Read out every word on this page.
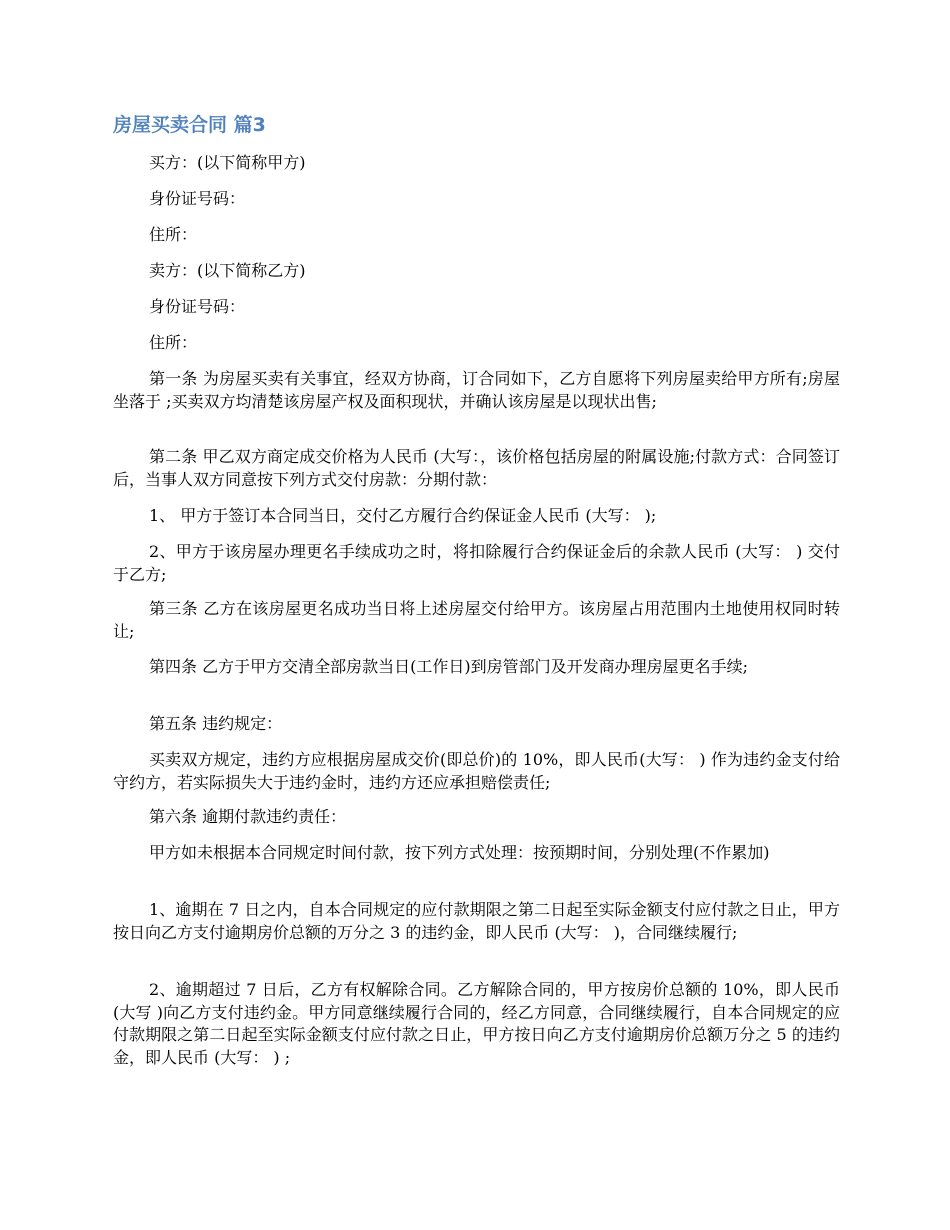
房屋买卖合同 篇3

买方：(以下简称甲方)

身份证号码：

住所：

卖方：(以下简称乙方)

身份证号码：

住所：

第一条 为房屋买卖有关事宜，经双方协商，订合同如下，乙方自愿将下列房屋卖给甲方所有;房屋坐落于 ;买卖双方均清楚该房屋产权及面积现状，并确认该房屋是以现状出售;

第二条 甲乙双方商定成交价格为人民币 (大写：，该价格包括房屋的附属设施;付款方式：合同签订后，当事人双方同意按下列方式交付房款：分期付款：

1、 甲方于签订本合同当日，交付乙方履行合约保证金人民币 (大写： );

2、甲方于该房屋办理更名手续成功之时，将扣除履行合约保证金后的余款人民币 (大写： ) 交付于乙方;

第三条 乙方在该房屋更名成功当日将上述房屋交付给甲方。该房屋占用范围内土地使用权同时转让;

第四条 乙方于甲方交清全部房款当日(工作日)到房管部门及开发商办理房屋更名手续;

第五条 违约规定：

买卖双方规定，违约方应根据房屋成交价(即总价)的 10%，即人民币(大写： ) 作为违约金支付给守约方，若实际损失大于违约金时，违约方还应承担赔偿责任;

第六条 逾期付款违约责任：

甲方如未根据本合同规定时间付款，按下列方式处理：按预期时间，分别处理(不作累加)

1、逾期在 7 日之内，自本合同规定的应付款期限之第二日起至实际金额支付应付款之日止，甲方按日向乙方支付逾期房价总额的万分之 3 的违约金，即人民币 (大写： )，合同继续履行;

2、逾期超过 7 日后，乙方有权解除合同。乙方解除合同的，甲方按房价总额的 10%，即人民币 (大写 )向乙方支付违约金。甲方同意继续履行合同的，经乙方同意，合同继续履行，自本合同规定的应付款期限之第二日起至实际金额支付应付款之日止，甲方按日向乙方支付逾期房价总额万分之 5 的违约金，即人民币 (大写： ) ;
